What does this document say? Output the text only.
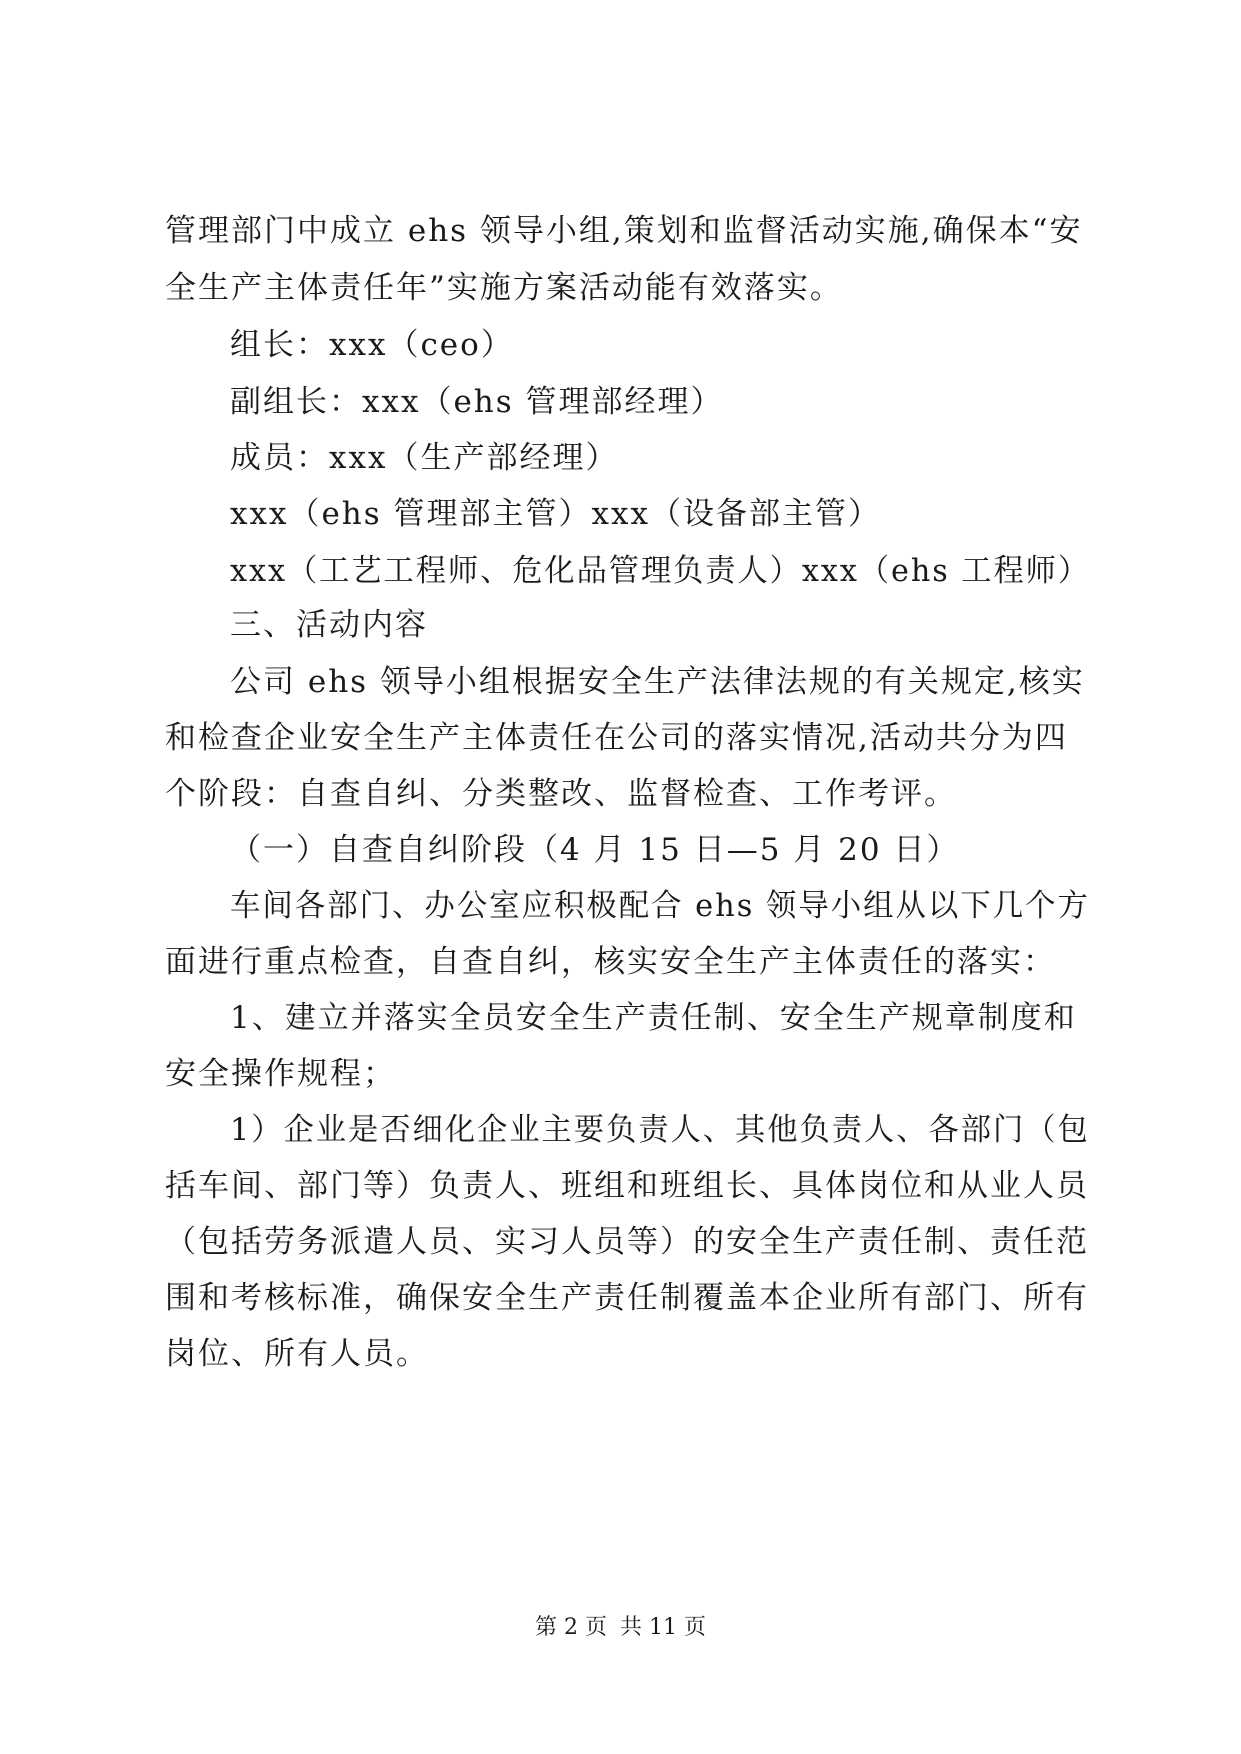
管理部门中成立 ehs 领导小组,策划和监督活动实施,确保本“安
全生产主体责任年”实施方案活动能有效落实。
组长：xxx（ceo）
副组长：xxx（ehs 管理部经理）
成员：xxx（生产部经理）
xxx（ehs 管理部主管）xxx（设备部主管）
xxx（工艺工程师、危化品管理负责人）xxx（ehs 工程师）
三、活动内容
公司 ehs 领导小组根据安全生产法律法规的有关规定,核实
和检查企业安全生产主体责任在公司的落实情况,活动共分为四
个阶段：自查自纠、分类整改、监督检查、工作考评。
（一）自查自纠阶段（4 月 15 日—5 月 20 日）
车间各部门、办公室应积极配合 ehs 领导小组从以下几个方
面进行重点检查，自查自纠，核实安全生产主体责任的落实：
1、建立并落实全员安全生产责任制、安全生产规章制度和
安全操作规程；
1）企业是否细化企业主要负责人、其他负责人、各部门（包
括车间、部门等）负责人、班组和班组长、具体岗位和从业人员
（包括劳务派遣人员、实习人员等）的安全生产责任制、责任范
围和考核标准，确保安全生产责任制覆盖本企业所有部门、所有
岗位、所有人员。
第 2 页 共 11 页
